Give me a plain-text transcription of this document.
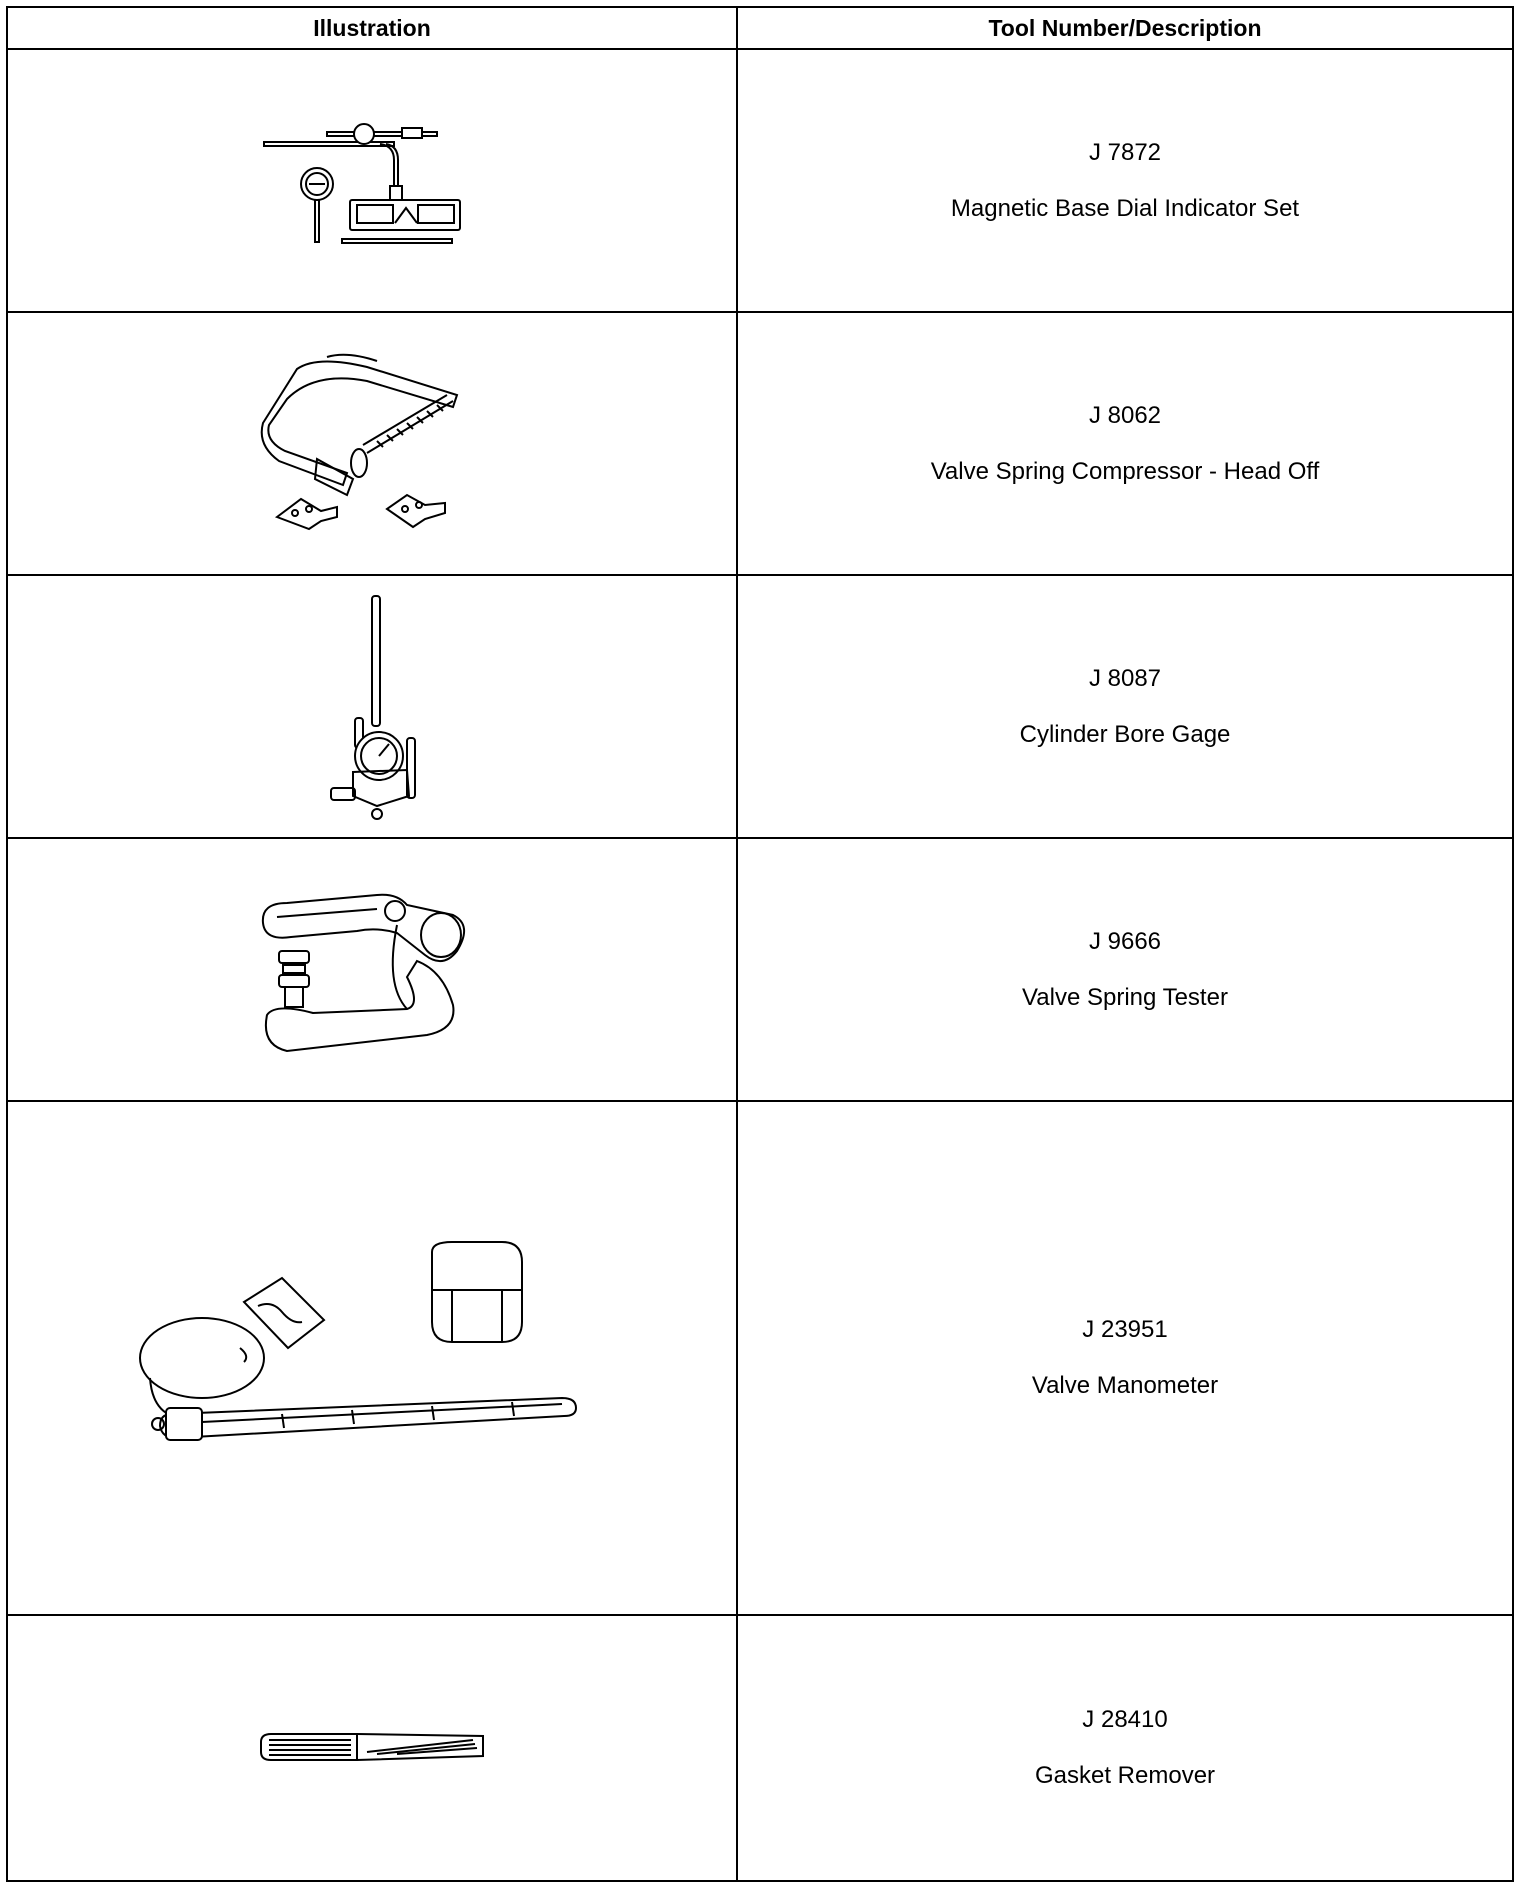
Illustration	Tool Number/Description

J 7872
Magnetic Base Dial Indicator Set

J 8062
Valve Spring Compressor - Head Off

J 8087
Cylinder Bore Gage

J 9666
Valve Spring Tester

J 23951
Valve Manometer

J 28410
Gasket Remover
